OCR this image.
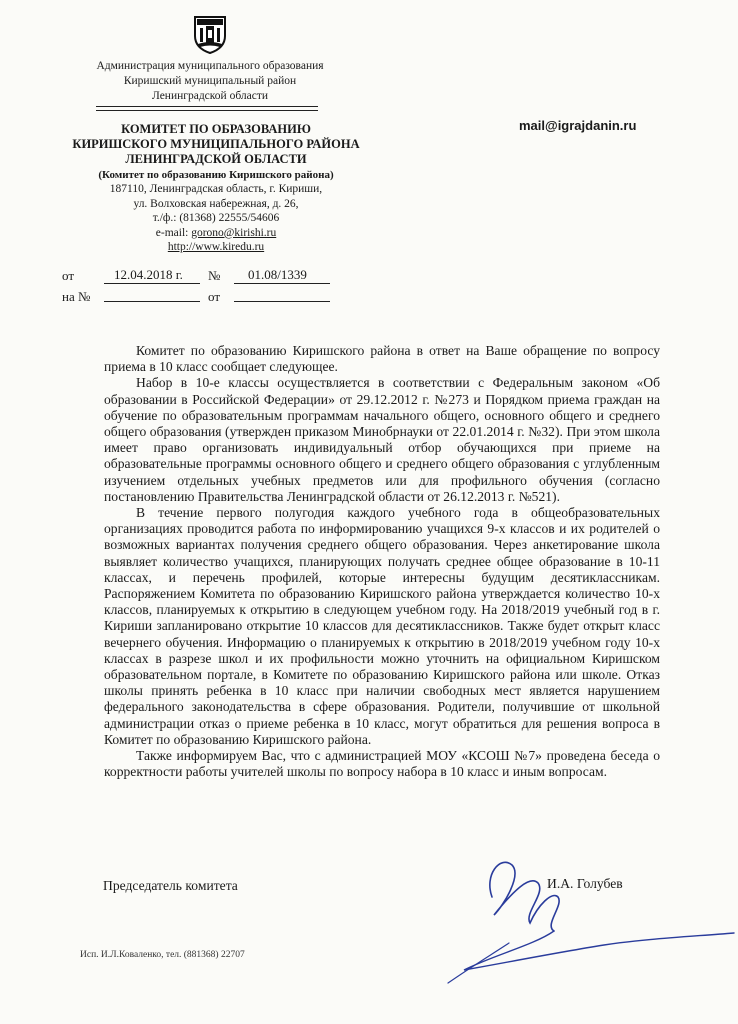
Администрация муниципального образования
Киришский муниципальный район
Ленинградской области
КОМИТЕТ ПО ОБРАЗОВАНИЮ
КИРИШСКОГО МУНИЦИПАЛЬНОГО РАЙОНА
ЛЕНИНГРАДСКОЙ ОБЛАСТИ
(Комитет по образованию Киришского района)
187110, Ленинградская область, г. Кириши,
ул. Волховская набережная, д. 26,
т./ф.: (81368) 22555/54606
e-mail: gorono@kirishi.ru
http://www.kiredu.ru
mail@igrajdanin.ru
от	12.04.2018 г. № 01.08/1339
на №	от

Комитет по образованию Киришского района в ответ на Ваше обращение по вопросу приема в 10 класс сообщает следующее.

Набор в 10-е классы осуществляется в соответствии с Федеральным законом «Об образовании в Российской Федерации» от 29.12.2012 г. №273 и Порядком приема граждан на обучение по образовательным программам начального общего, основного общего и среднего общего образования (утвержден приказом Минобрнауки от 22.01.2014 г. №32). При этом школа имеет право организовать индивидуальный отбор обучающихся при приеме на образовательные программы основного общего и среднего общего образования с углубленным изучением отдельных учебных предметов или для профильного обучения (согласно постановлению Правительства Ленинградской области от 26.12.2013 г. №521).

В течение первого полугодия каждого учебного года в общеобразовательных организациях проводится работа по информированию учащихся 9-х классов и их родителей о возможных вариантах получения среднего общего образования. Через анкетирование школа выявляет количество учащихся, планирующих получать среднее общее образование в 10-11 классах, и перечень профилей, которые интересны будущим десятиклассникам. Распоряжением Комитета по образованию Киришского района утверждается количество 10-х классов, планируемых к открытию в следующем учебном году. На 2018/2019 учебный год в г. Кириши запланировано открытие 10 классов для десятиклассников. Также будет открыт класс вечернего обучения. Информацию о планируемых к открытию в 2018/2019 учебном году 10-х классах в разрезе школ и их профильности можно уточнить на официальном Киришском образовательном портале, в Комитете по образованию Киришского района или школе. Отказ школы принять ребенка в 10 класс при наличии свободных мест является нарушением федерального законодательства в сфере образования. Родители, получившие от школьной администрации отказ о приеме ребенка в 10 класс, могут обратиться для решения вопроса в Комитет по образованию Киришского района.

Также информируем Вас, что с администрацией МОУ «КСОШ №7» проведена беседа о корректности работы учителей школы по вопросу набора в 10 класс и иным вопросам.

Председатель комитета	И.А. Голубев
Исп. И.Л.Коваленко, тел. (881368) 22707
